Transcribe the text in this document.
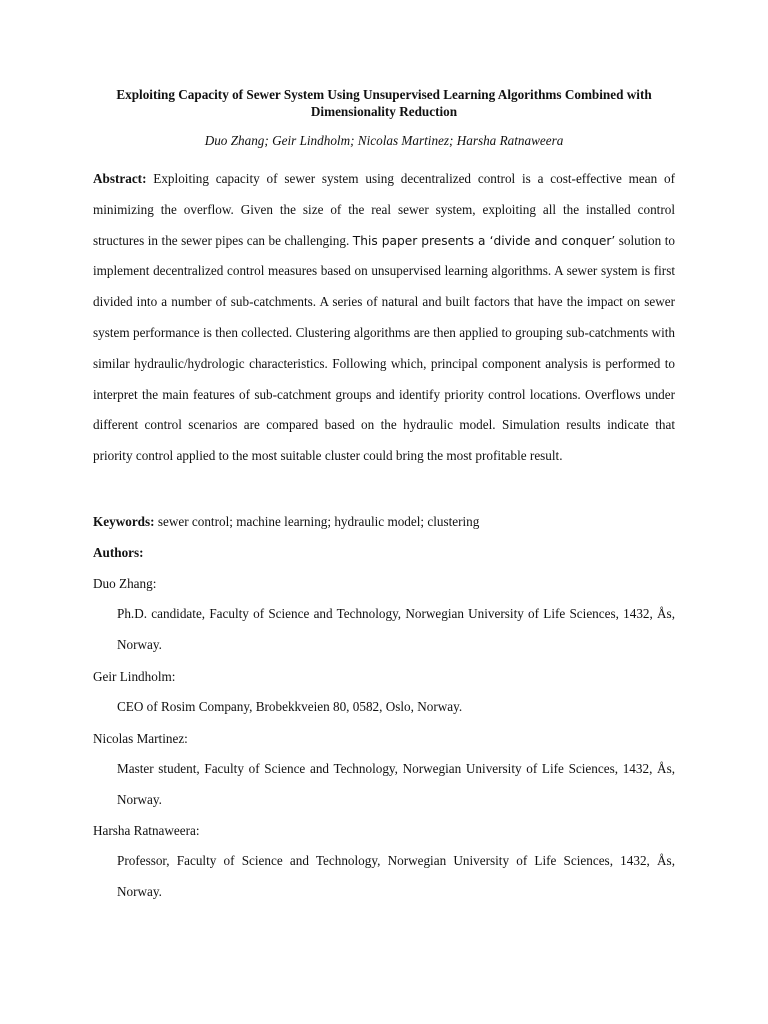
Exploiting Capacity of Sewer System Using Unsupervised Learning Algorithms Combined with
Dimensionality Reduction

Duo Zhang; Geir Lindholm; Nicolas Martinez; Harsha Ratnaweera

Abstract: Exploiting capacity of sewer system using decentralized control is a cost-effective mean of minimizing the overflow. Given the size of the real sewer system, exploiting all the installed control structures in the sewer pipes can be challenging. This paper presents a ‘divide and conquer’ solution to implement decentralized control measures based on unsupervised learning algorithms. A sewer system is first divided into a number of sub-catchments. A series of natural and built factors that have the impact on sewer system performance is then collected. Clustering algorithms are then applied to grouping sub-catchments with similar hydraulic/hydrologic characteristics. Following which, principal component analysis is performed to interpret the main features of sub-catchment groups and identify priority control locations. Overflows under different control scenarios are compared based on the hydraulic model. Simulation results indicate that priority control applied to the most suitable cluster could bring the most profitable result.

Keywords: sewer control; machine learning; hydraulic model; clustering

Authors:

Duo Zhang:

Ph.D. candidate, Faculty of Science and Technology, Norwegian University of Life Sciences, 1432, Ås, Norway.

Geir Lindholm:

CEO of Rosim Company, Brobekkveien 80, 0582, Oslo, Norway.

Nicolas Martinez:

Master student, Faculty of Science and Technology, Norwegian University of Life Sciences, 1432, Ås, Norway.

Harsha Ratnaweera:

Professor, Faculty of Science and Technology, Norwegian University of Life Sciences, 1432, Ås, Norway.
